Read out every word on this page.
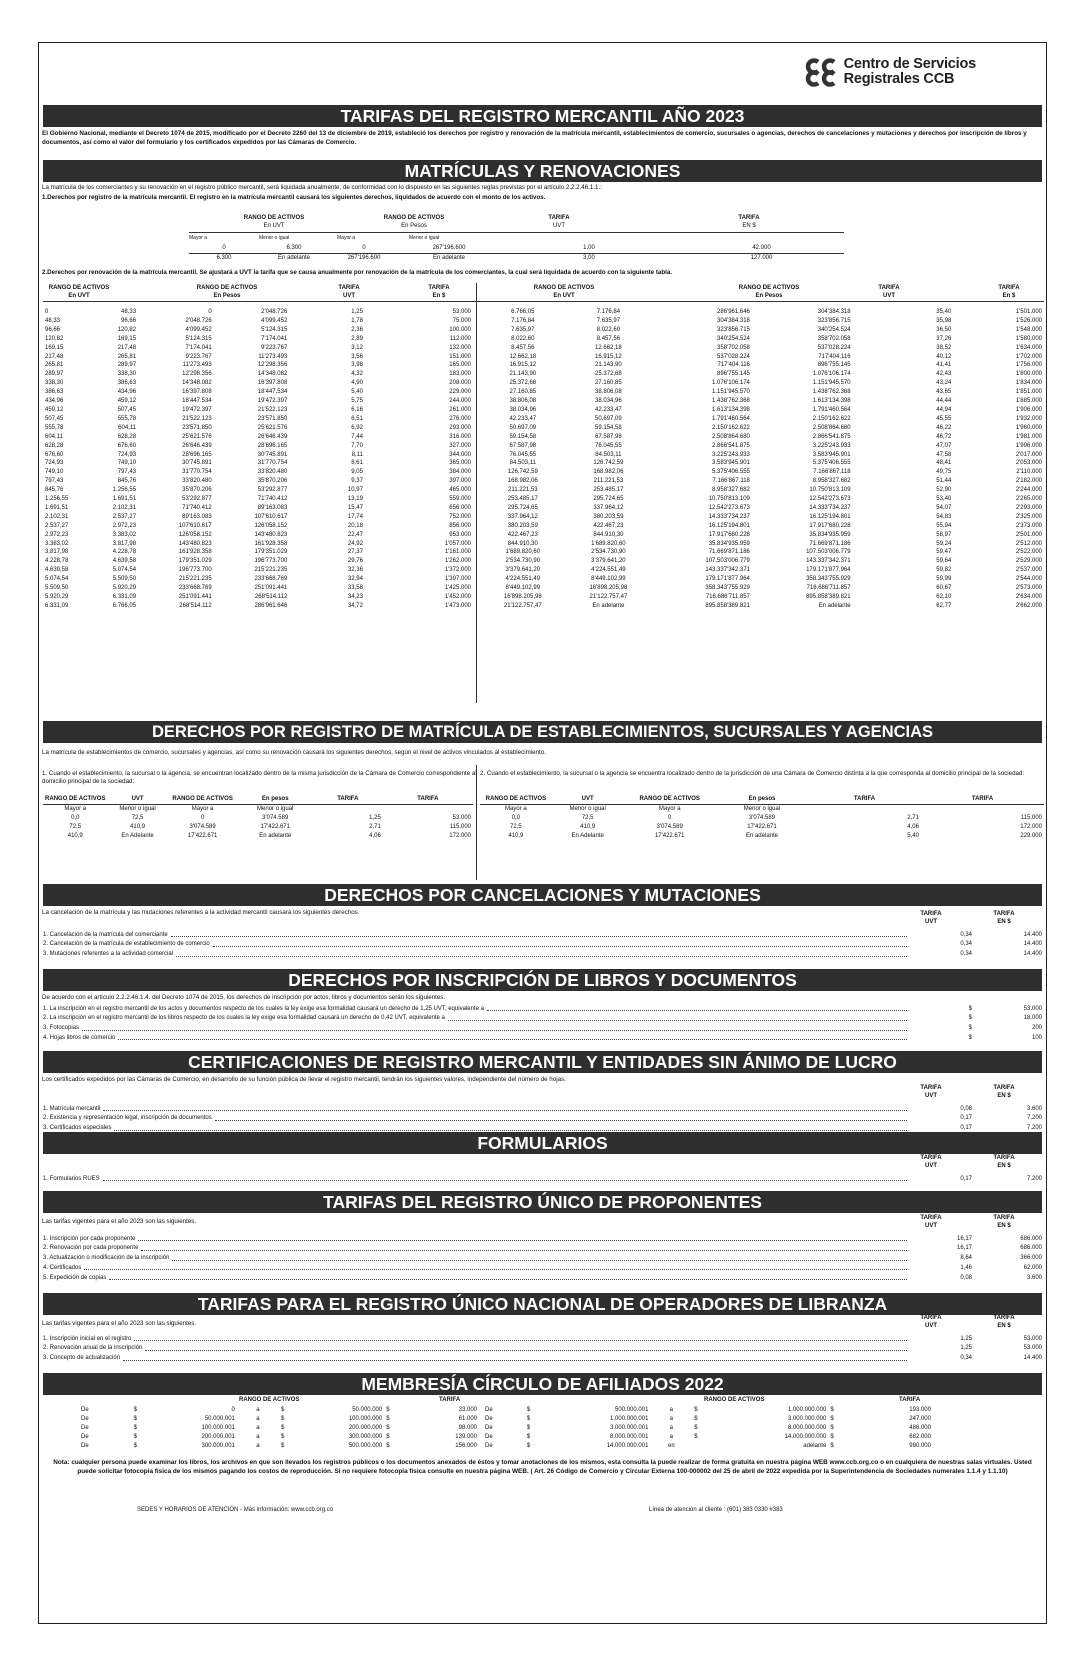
Centro de Servicios
Registrales CCB
TARIFAS DEL REGISTRO MERCANTIL AÑO 2023
El Gobierno Nacional, mediante el Decreto 1074 de 2015, modificado por el Decreto 2260 del 13 de diciembre de 2019, estableció los derechos por registro y renovación de la matrícula mercantil, establecimientos de comercio, sucursales o agencias, derechos de cancelaciones y mutaciones y derechos por inscripción de libros y documentos, así como el valor del formulario y los certificados expedidos por las Cámaras de Comercio.
MATRÍCULAS Y RENOVACIONES
La matrícula de los comerciantes y su renovación en el registro público mercantil, será liquidada anualmente, de conformidad con lo dispuesto en las siguientes reglas previstas por el artículo 2.2.2.46.1.1.:
1.Derechos por registro de la matrícula mercantil. El registro en la matrícula mercantil causará los siguientes derechos, liquidados de acuerdo con el monto de los activos.
RANGO DE ACTIVOS
En UVT
RANGO DE ACTIVOS
En Pesos
TARIFA
UVT
TARIFA
EN $
Mayor a	Menor o igual	Mayor a	Menor o igual
0	6.300	0	267'196.600	1,00	42.000
6.300	En adelante	267'196.600	En adelante	3,00	127.000
2.Derechos por renovación de la matrícula mercantil. Se ajustará a UVT la tarifa que se causa anualmente por renovación de la matrícula de los comerciantes, la cual será liquidada de acuerdo con la siguiente tabla.
RANGO DE ACTIVOS
En UVT
RANGO DE ACTIVOS
En Pesos
TARIFA
UVT
TARIFA
En $
RANGO DE ACTIVOS
En UVT
RANGO DE ACTIVOS
En Pesos
TARIFA
UVT
TARIFA
En $
0	48,33	0	2'048.726	1,25	53.000
48,33	96,66	2'048.726	4'099.452	1,78	75.000
96,66	120,82	4'099.452	5'124.315	2,36	100.000
120,82	169,15	5'124.315	7'174.041	2,89	112.000
169,15	217,48	7'174.041	9'223.767	3,12	132.000
217,48	265,81	9'223.767	11'273.493	3,56	151.000
265,81	289,97	11'273.493	12'298.356	3,98	165.000
289,97	338,30	12'298.356	14'348.082	4,32	183.000
338,30	386,63	14'348.082	16'397.808	4,90	208.000
386,63	434,96	16'397.808	18'447.534	5,40	229.000
434,96	459,12	18'447.534	19'472.397	5,75	244.000
459,12	507,45	19'472.397	21'522.123	6,16	261.000
507,45	555,78	21'522.123	23'571.850	6,51	276.000
555,78	604,11	23'571.850	25'621.576	6,92	293.000
604,11	628,28	25'621.576	26'646.439	7,44	316.000
628,28	676,60	26'646.439	28'696.165	7,70	327.000
676,60	724,93	28'696.165	30'745.891	8,11	344.000
724,93	749,10	30'745.891	31'770.754	8,61	365.000
749,10	797,43	31'770.754	33'820.480	9,05	384.000
797,43	845,76	33'820.480	35'870.206	9,37	397.000
845,76	1.256,55	35'870.206	53'292.877	10,97	465.000
1.256,55	1.691,51	53'292.877	71'740.412	13,19	559.000
1.691,51	2.102,31	71'740.412	89'163.083	15,47	656.000
2.102,31	2.537,27	89'163.083	107'610.617	17,74	752.000
2.537,27	2.972,23	107'610.617	126'058.152	20,18	856.000
2.972,23	3.383,02	126'058.152	143'480.823	22,47	953.000
3.383,02	3.817,98	143'480.823	161'928.358	24,92	1'057.000
3.817,98	4.228,78	161'928.358	179'351.029	27,37	1'161.000
4.228,78	4.639,58	179'351.029	196'773.700	29,76	1'262.000
4.639,58	5.074,54	196'773.700	215'221.235	32,36	1'372.000
5.074,54	5.509,50	215'221.235	233'668.769	32,94	1'397.000
5.509,50	5.920,29	233'668.769	251'091.441	33,58	1'425.000
5.920,29	6.331,09	251'091.441	268'514.112	34,23	1'452.000
6.331,09	6.766,05	268'514.112	286'961.646	34,72	1'473.000
6.766,05	7.176,84	286'961.646	304'384.318	35,40	1'501.000
7.176,84	7.635,97	304'384.318	323'856.715	35,98	1'526.000
7.635,97	8.022,60	323'856.715	340'254.524	36,50	1'548.000
8.022,60	8.457,56	340'254.524	358'702.058	37,26	1'580.000
8.457,56	12.662,18	358'702.058	537'028.224	38,52	1'634.000
12.662,18	16.915,12	537'028.224	717'404.116	40,12	1'702.000
16.915,12	21.143,90	717'404.116	896'755.145	41,41	1'756.000
21.143,90	25.372,68	896'755.145	1.076'106.174	42,43	1'800.000
25.372,68	27.160,85	1.076'106.174	1.151'945.570	43,24	1'834.000
27.160,85	38.806,08	1.151'945.570	1.438'762.368	43,65	1'851.000
38.806,08	38.034,96	1.438'762.368	1.613'134.398	44,44	1'885.000
38.034,96	42.233,47	1.613'134.398	1.791'460.564	44,94	1'906.000
42.233,47	50.697,09	1.791'460.564	2.150'162.622	45,55	1'932.000
50.697,09	59.154,58	2.150'162.622	2.508'864.680	46,22	1'960.000
59.154,58	67.587,98	2.508'864.680	2.866'541.875	46,72	1'981.000
67.587,98	76.045,55	2.866'541.875	3.225'243.933	47,07	1'996.000
76.045,55	84.503,11	3.225'243.933	3.583'945.901	47,58	2'017.000
84.503,11	126.742,59	3.583'945.901	5.375'406.555	48,41	2'053.000
126.742,59	168.982,06	5.375'406.555	7.166'867.118	49,75	2'110.000
168.982,06	211.221,53	7.166'867.118	8.958'327.682	51,44	2'182.000
211.221,53	253.485,17	8.958'327.682	10.750'813.109	52,90	2'244.000
253.485,17	295.724,65	10.750'813.109	12.542'273.673	53,40	2'265.000
295.724,65	337.964,12	12.542'273.673	14.333'734.237	54,07	2'293.000
337.964,12	380.203,59	14.333'734.237	16.125'194.801	54,83	2'325.000
380.203,59	422.467,23	16.125'194.801	17.917'680.228	55,94	2'373.000
422.467,23	844.910,30	17.917'680.228	35.834'935.959	58,97	2'501.000
844.910,30	1'689.820,60	35.834'935.959	71.669'871.186	59,24	2'512.000
1'689.820,60	2'534.730,90	71.669'871.186	107.503'006.779	59,47	2'522.000
2'534.730,90	3'379.641,20	107.503'006.779	143.337'342.371	59,64	2'529.000
3'379.641,20	4'224.551,49	143.337'342.371	179.171'877.964	59,82	2'537.000
4'224.551,49	8'449.102,99	179.171'877.964	358.343'755.929	59,99	2'544.000
8'449.102,99	16'898.205,98	358.343'755.929	716.686'711.857	60,67	2'573.000
16'898.205,98	21'122.757,47	716.686'711.857	895.858'389.821	62,10	2'634.000
21'122.757,47	En adelante	895.858'389.821	En adelante	62,77	2'662.000
DERECHOS POR REGISTRO DE MATRÍCULA DE ESTABLECIMIENTOS, SUCURSALES Y AGENCIAS
La matrícula de establecimientos de comercio, sucursales y agencias, así como su renovación causará los siguientes derechos, según el nivel de activos vinculados al establecimiento.
1. Cuando el establecimiento, la sucursal o la agencia, se encuentran localizado dentro de la misma jurisdicción de la Cámara de Comercio correspondiente al domicilio principal de la sociedad:
2. Cuando el establecimiento, la sucursal o la agencia se encuentra localizado dentro de la jurisdicción de una Cámara de Comercio distinta a la que corresponda al domicilio principal de la sociedad:
RANGO DE ACTIVOS	UVT	RANGO DE ACTIVOS	En pesos	TARIFA	TARIFA
Mayor a	Menor o igual	Mayor a	Menor o igual		
0,0	72,5	0	3'074.589	1,25	53.000
72,5	410,9	3'074.589	17'422.671	2,71	115.000
410,9	En Adelante	17'422.671	En adelante	4,06	172.000
RANGO DE ACTIVOS	UVT	RANGO DE ACTIVOS	En pesos	TARIFA	TARIFA
Mayor a	Menor o igual	Mayor a	Menor o igual		
0,0	72,5	0	3'074.589	2,71	115.000
72,5	410,9	3'074.589	17'422.671	4,06	172.000
410,9	En Adelante	17'422.671	En adelante	5,40	229.000
DERECHOS POR CANCELACIONES Y MUTACIONES
La cancelación de la matrícula y las mutaciones referentes a la actividad mercantil causará los siguientes derechos.	TARIFA
UVT
TARIFA
EN $
1. Cancelación de la matrícula del comerciante	0,34	14.400
2. Cancelación de la matrícula de establecimiento de comercio	0,34	14.400
3. Mutaciones referentes a la actividad comercial	0,34	14.400
DERECHOS POR INSCRIPCIÓN DE LIBROS Y DOCUMENTOS
De acuerdo con el artículo 2.2.2.46.1.4. del Decreto 1074 de 2015, los derechos de inscripción por actos, libros y documentos serán los siguientes.
1. La inscripción en el registro mercantil de los actos y documentos respecto de los cuales la ley exige esa formalidad causará un derecho de 1,25 UVT, equivalente a	$	53.000
2. La inscripción en el registro mercantil de los libros respecto de los cuales la ley exige esa formalidad causará un derecho de 0,42 UVT, equivalente a	$	18.000
3. Fotocopias	$	200
4. Hojas libros de comercio	$	100
CERTIFICACIONES DE REGISTRO MERCANTIL Y ENTIDADES SIN ÁNIMO DE LUCRO
Los certificados expedidos por las Cámaras de Comercio, en desarrollo de su función pública de llevar el registro mercantil, tendrán los siguientes valores, independiente del número de hojas.
TARIFA
UVT
TARIFA
EN $
1. Matrícula mercantil	0,08	3.600
2. Existencia y representación legal, inscripción de documentos	0,17	7.200
3. Certificados especiales	0,17	7.200
FORMULARIOS
TARIFA
UVT
TARIFA
EN $
1. Formularios RUES	0,17	7.200
TARIFAS DEL REGISTRO ÚNICO DE PROPONENTES
Las tarifas vigentes para el año 2023 son las siguientes.	TARIFA
UVT
TARIFA
EN $
1. Inscripción por cada proponente	16,17	686.000
2. Renovación por cada proponente	16,17	686.000
3. Actualización o modificación de la inscripción	8,64	366.000
4. Certificados	1,46	62.000
5. Expedición de copias	0,08	3.600
TARIFAS PARA EL REGISTRO ÚNICO NACIONAL DE OPERADORES DE LIBRANZA
Las tarifas vigentes para el año 2023 son las siguientes.
TARIFA
UVT
TARIFA
EN $
1. Inscripción inicial en el registro	1,25	53.000
2. Renovación anual de la inscripción	1,25	53.000
3. Concepto de actualización	0,34	14.400
MEMBRESÍA CÍRCULO DE AFILIADOS 2022
RANGO DE ACTIVOS	TARIFA	RANGO DE ACTIVOS	TARIFA
De	$	0	a	$	50.000.000	$	33.000
De	$	50.000.001	a	$	100.000.000	$	61.000
De	$	100.000.001	a	$	200.000.000	$	98.000
De	$	200.000.001	a	$	300.000.000	$	139.000
De	$	300.000.001	a	$	500.000.000	$	156.000
De	$	500.000.001	a	$	1.000.000.000	$	193.000
De	$	1.000.000.001	a	$	3.000.000.000	$	247.000
De	$	3.000.000.001	a	$	8.000.000.000	$	486.000
De	$	8.000.000.001	a	$	14.000.000.000	$	682.000
De	$	14.000.000.001	en		adelante	$	990.000
Nota: cualquier persona puede examinar los libros, los archivos en que son llevados los registros públicos o los documentos anexados de éstos y tomar anotaciones de los mismos, esta consulta la puede realizar de forma gratuita en nuestra página WEB www.ccb.org.co o en cualquiera de nuestras salas virtuales. Usted puede solicitar fotocopia física de los mismos pagando los costos de reproducción. Si no requiere fotocopia física consulte en nuestra página WEB. ( Art. 26 Código de Comercio y Circular Externa 100-000002 del 25 de abril de 2022 expedida por la Superintendencia de Sociedades numerales 1.1.4 y 1.1.10)
SEDES Y HORARIOS DE ATENCIÓN - Más información: www.ccb.org.co	Línea de atención al cliente : (601) 383 0330 #383
